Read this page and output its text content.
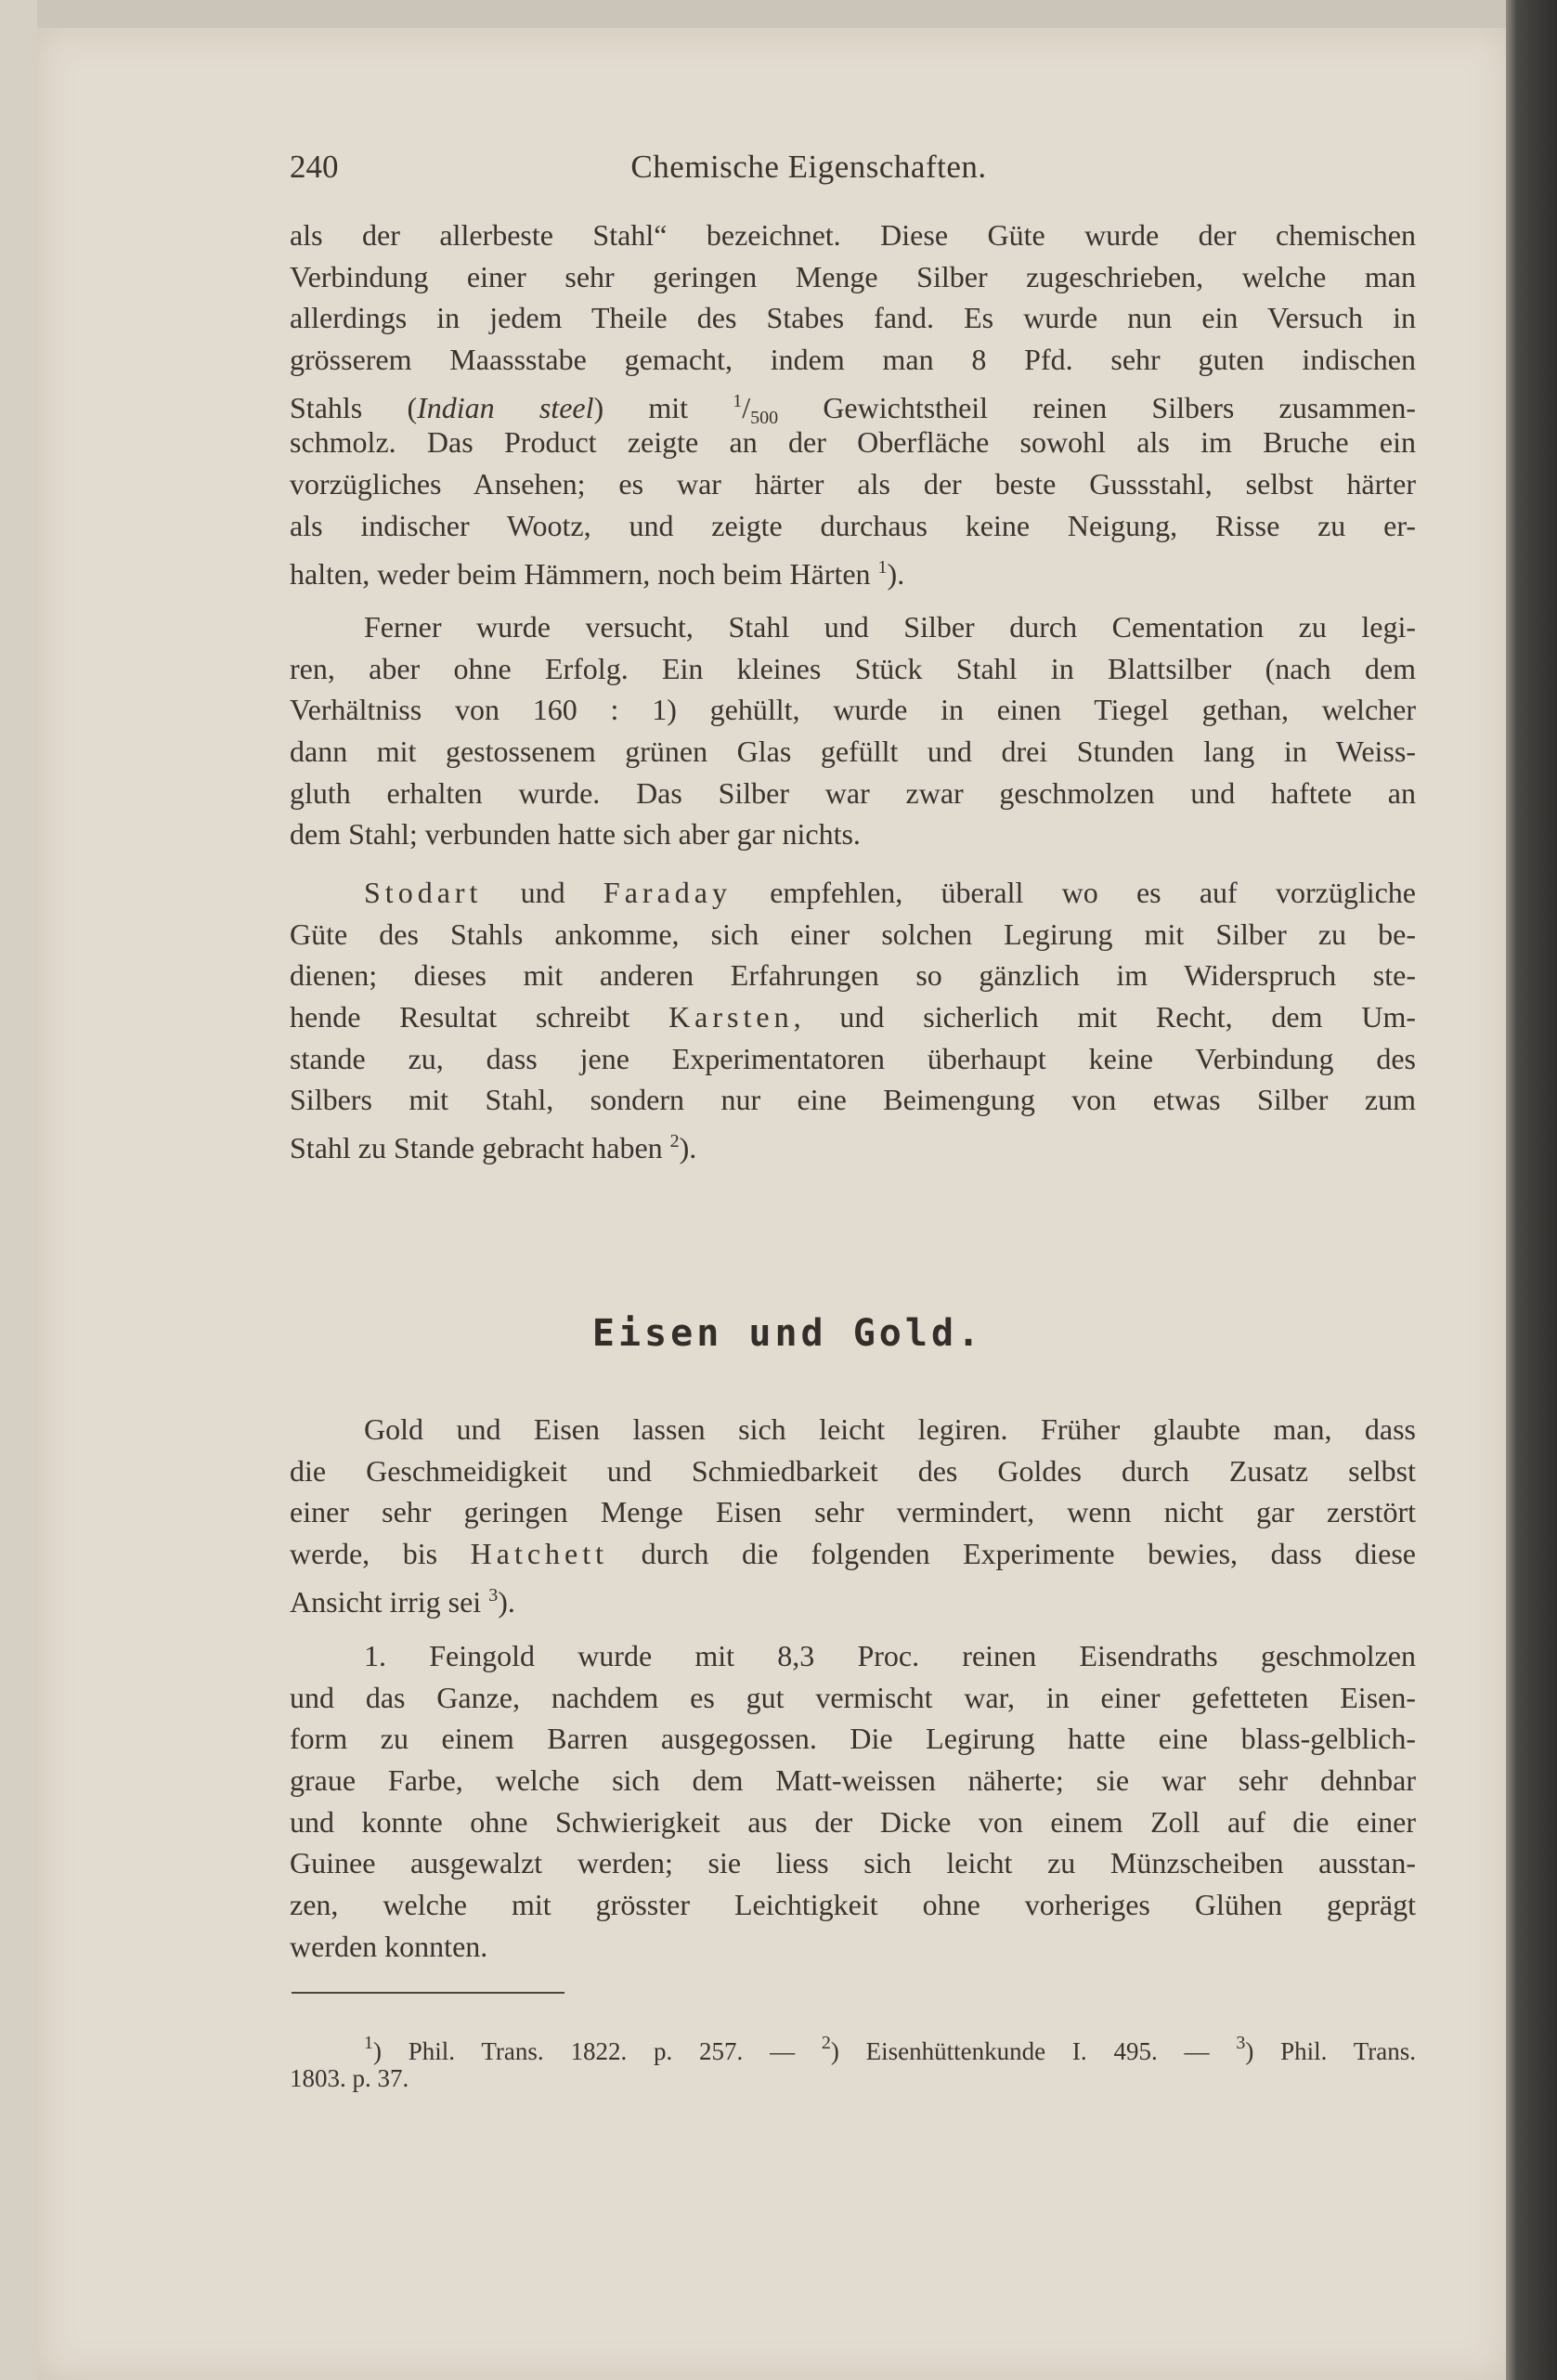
240	Chemische Eigenschaften.
als der allerbeste Stahl“ bezeichnet. Diese Güte wurde der chemischen
Verbindung einer sehr geringen Menge Silber zugeschrieben, welche man
allerdings in jedem Theile des Stabes fand. Es wurde nun ein Versuch in
grösserem Maassstabe gemacht, indem man 8 Pfd. sehr guten indischen
Stahls (Indian steel) mit $^1/_{500}$ Gewichtstheil reinen Silbers zusammen-
schmolz. Das Product zeigte an der Oberfläche sowohl als im Bruche ein
vorzügliches Ansehen; es war härter als der beste Gussstahl, selbst härter
als indischer Wootz, und zeigte durchaus keine Neigung, Risse zu er-
halten, weder beim Hämmern, noch beim Härten $^1$).
Ferner wurde versucht, Stahl und Silber durch Cementation zu legi-
ren, aber ohne Erfolg. Ein kleines Stück Stahl in Blattsilber (nach dem
Verhältniss von 160 : 1) gehüllt, wurde in einen Tiegel gethan, welcher
dann mit gestossenem grünen Glas gefüllt und drei Stunden lang in Weiss-
gluth erhalten wurde. Das Silber war zwar geschmolzen und haftete an
dem Stahl; verbunden hatte sich aber gar nichts.
Stodart und Faraday empfehlen, überall wo es auf vorzügliche
Güte des Stahls ankomme, sich einer solchen Legirung mit Silber zu be-
dienen; dieses mit anderen Erfahrungen so gänzlich im Widerspruch ste-
hende Resultat schreibt Karsten, und sicherlich mit Recht, dem Um-
stande zu, dass jene Experimentatoren überhaupt keine Verbindung des
Silbers mit Stahl, sondern nur eine Beimengung von etwas Silber zum
Stahl zu Stande gebracht haben $^2$).
Eisen und Gold.
Gold und Eisen lassen sich leicht legiren. Früher glaubte man, dass
die Geschmeidigkeit und Schmiedbarkeit des Goldes durch Zusatz selbst
einer sehr geringen Menge Eisen sehr vermindert, wenn nicht gar zerstört
werde, bis Hatchett durch die folgenden Experimente bewies, dass diese
Ansicht irrig sei $^3$).
1. Feingold wurde mit 8,3 Proc. reinen Eisendraths geschmolzen
und das Ganze, nachdem es gut vermischt war, in einer gefetteten Eisen-
form zu einem Barren ausgegossen. Die Legirung hatte eine blass-gelblich-
graue Farbe, welche sich dem Matt-weissen näherte; sie war sehr dehnbar
und konnte ohne Schwierigkeit aus der Dicke von einem Zoll auf die einer
Guinee ausgewalzt werden; sie liess sich leicht zu Münzscheiben ausstan-
zen, welche mit grösster Leichtigkeit ohne vorheriges Glühen geprägt
werden konnten.
$^1$) Phil. Trans. 1822. p. 257. — $^2$) Eisenhüttenkunde I. 495. — $^3$) Phil. Trans.
1803. p. 37.
